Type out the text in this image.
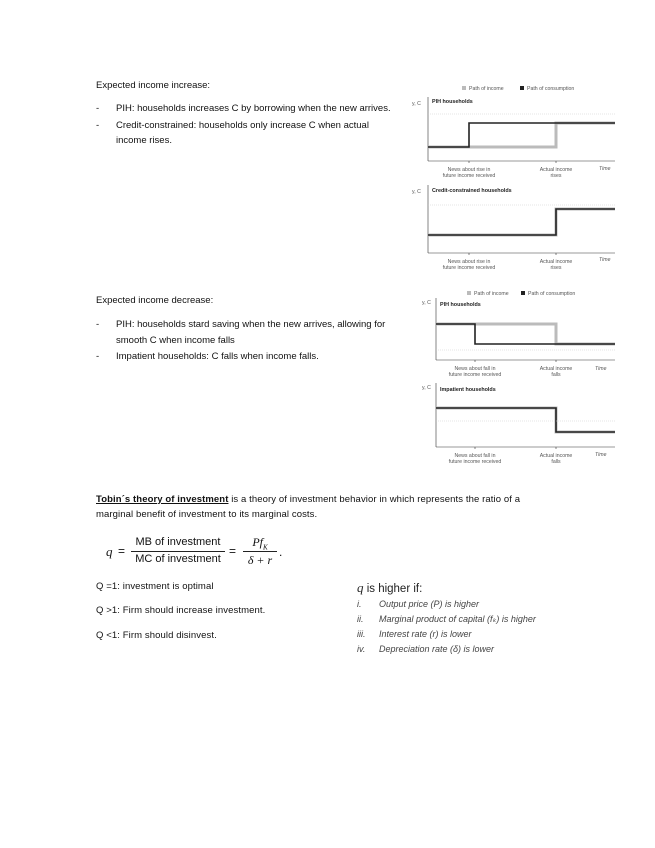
Expected income increase:
- PIH: households increases C by borrowing when the new arrives.
- Credit-constrained: households only increase C when actual income rises.
Path of income	Path of consumption
y, C PIH households
News about rise in
future income received
Actual income
rises
Time
y, C Credit-constrained households
News about rise in
future income received
Actual income
rises
Time
Expected income decrease:
- PIH: households stard saving when the new arrives, allowing for smooth C when income falls
- Impatient households: C falls when income falls.
Path of income	Path of consumption
y, C PIH households
News about fall in
future income received
Actual income
falls
Time
y, C Impatient households
News about fall in
future income received
Actual income
falls
Time
Tobin´s theory of investment is a theory of investment behavior in which represents the ratio of a
marginal benefit of investment to its marginal costs.
q =
MB of investment
MC of investment
=
$Pf_K$
δ + r
.
Q =1: investment is optimal
Q >1: Firm should increase investment.
Q <1: Firm should disinvest.
q is higher if:
i. Output price (P) is higher
ii. Marginal product of capital (fₖ) is higher
iii. Interest rate (r) is lower
iv. Depreciation rate (δ) is lower
